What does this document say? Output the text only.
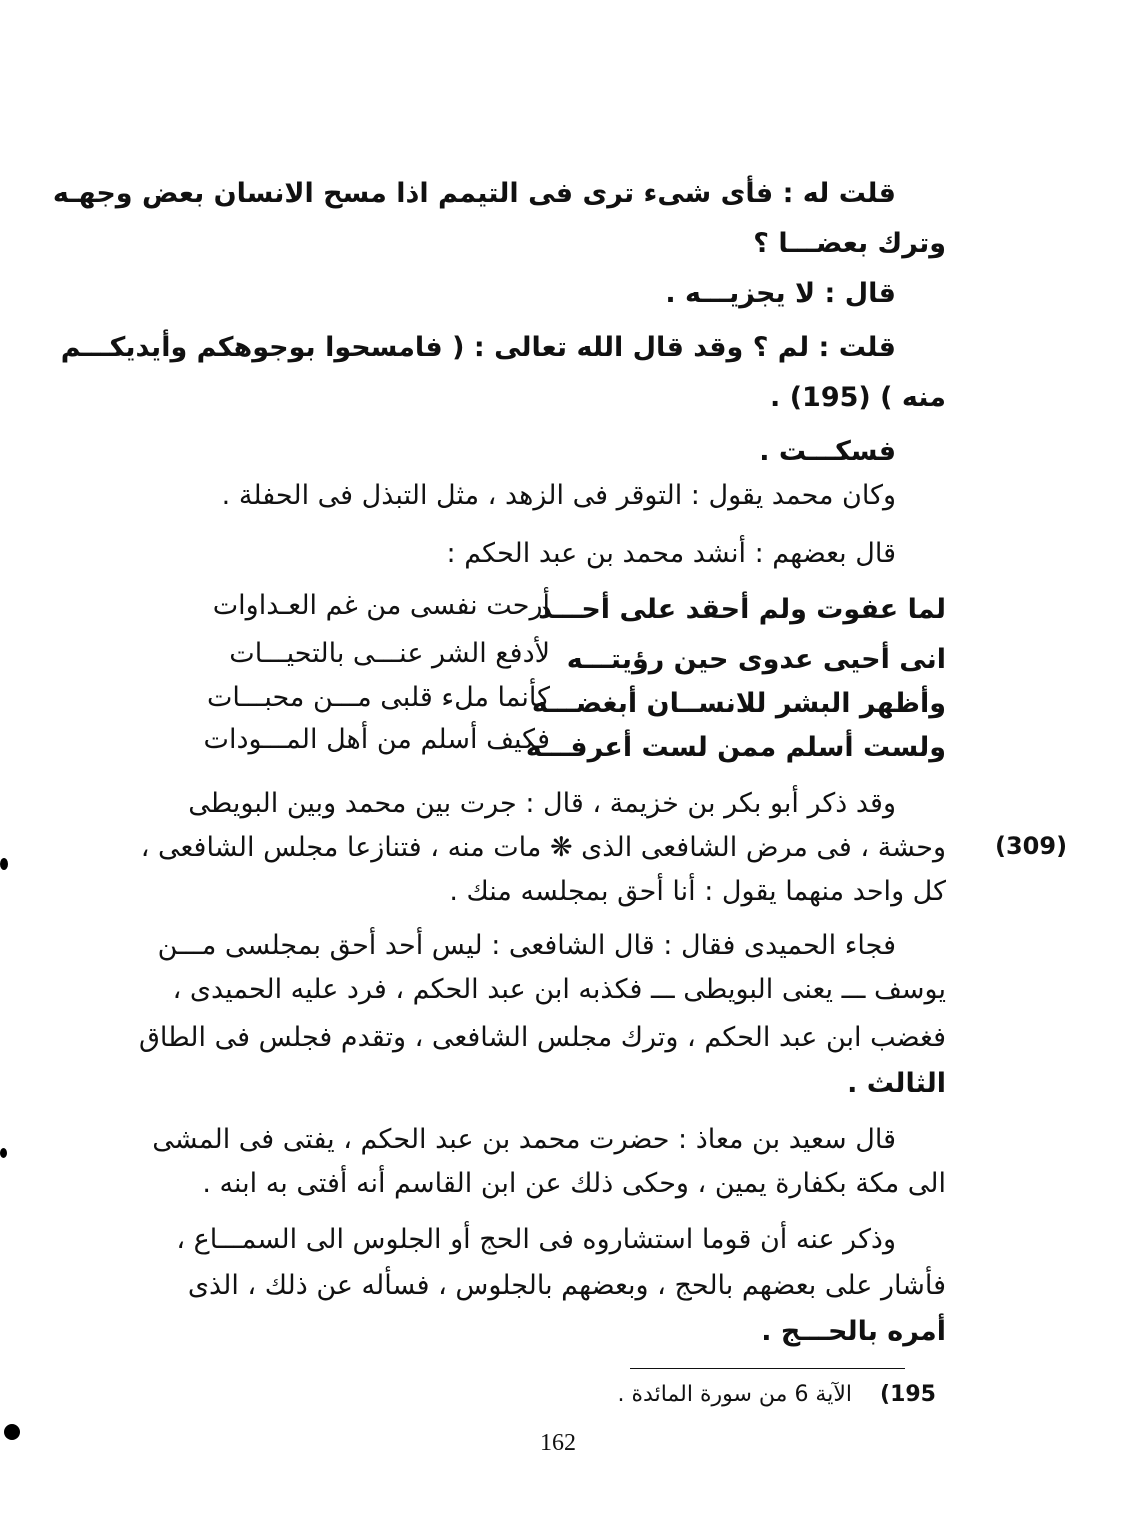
قلت له : فأى شىء ترى فى التيمم اذا مسح الانسان بعض وجهـه
وترك بعضـــا ؟
قال : لا يجزيـــه .
قلت : لم ؟ وقد قال الله تعالى : ( فامسحوا بوجوهكم وأيديكـــم
منه ) (195) .
فسكـــت .
وكان محمد يقول : التوقر فى الزهد ، مثل التبذل فى الحفلة .
قال بعضهم : أنشد محمد بن عبد الحكم :
لما عفوت ولم أحقد على أحـــد
أرحت نفسى من غم العـداوات
انى أحيى عدوى حين رؤيتـــه
لأدفع الشر عنـــى بالتحيـــات
وأظهر البشر للانســان أبغضـــه
كأنما ملء قلبى مـــن محبـــات
ولست أسلم ممن لست أعرفـــه
فكيف أسلم من أهل المـــودات
وقد ذكر أبو بكر بن خزيمة ، قال : جرت بين محمد وبين البويطى
وحشة ، فى مرض الشافعى الذى ❋ مات منه ، فتنازعا مجلس الشافعى ،
كل واحد منهما يقول : أنا أحق بمجلسه منك .
(309)
فجاء الحميدى فقال : قال الشافعى : ليس أحد أحق بمجلسى مـــن
يوسف ـــ يعنى البويطى ـــ فكذبه ابن عبد الحكم ، فرد عليه الحميدى ،
فغضب ابن عبد الحكم ، وترك مجلس الشافعى ، وتقدم فجلس فى الطاق
الثالث .
قال سعيد بن معاذ : حضرت محمد بن عبد الحكم ، يفتى فى المشى
الى مكة بكفارة يمين ، وحكى ذلك عن ابن القاسم أنه أفتى به ابنه .
وذكر عنه أن قوما استشاروه فى الحج أو الجلوس الى السمـــاع ،
فأشار على بعضهم بالحج ، وبعضهم بالجلوس ، فسأله عن ذلك ، الذى
أمره بالحـــج .
195)    الآية 6 من سورة المائدة .
162
